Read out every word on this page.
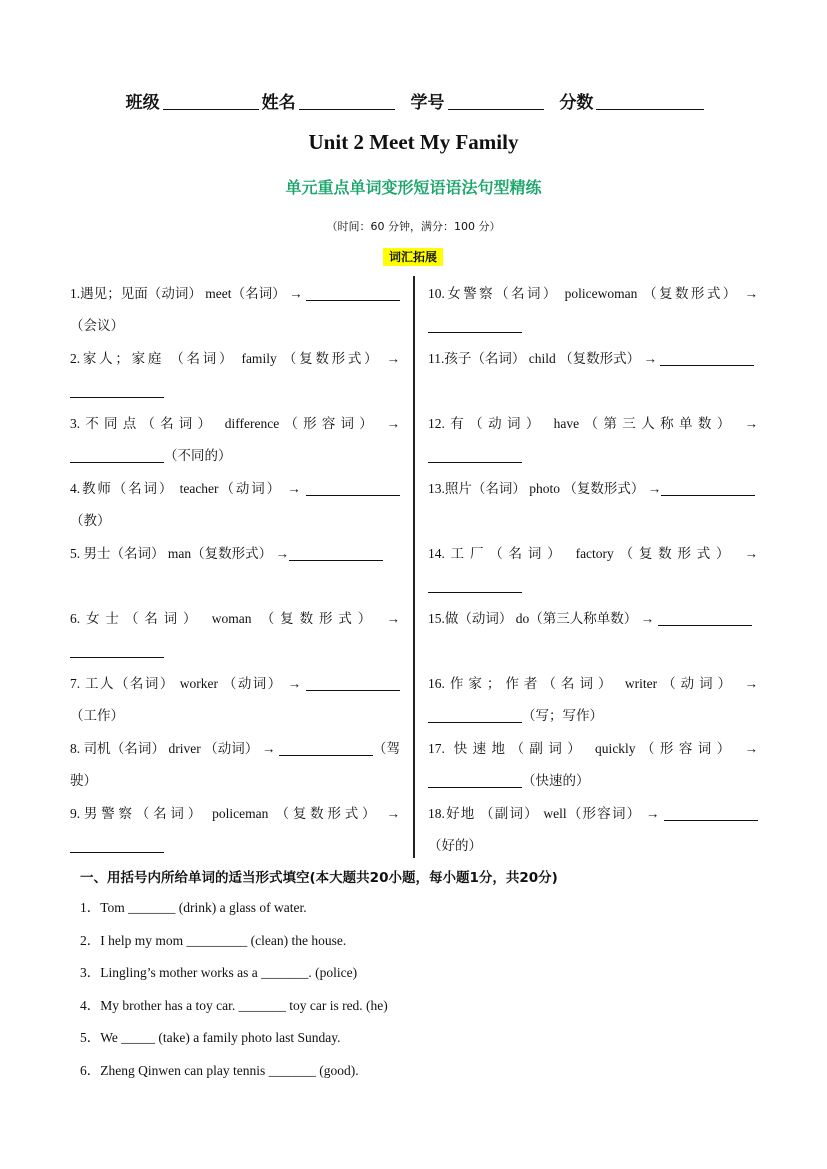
班级	姓名	学号	分数
Unit 2 Meet My Family
单元重点单词变形短语语法句型精练
（时间：60 分钟，满分：100 分）
词汇拓展
1.遇见；见面（动词） meet（名词） →  （会议）
2.家人；家庭 （名词） family （复数形式） →
3.不同点（名词） difference（形容词） → （不同的）
4.教师（名词） teacher（动词） → （教）
5. 男士（名词） man（复数形式） →
6.女士（名词） woman （复数形式） →
7. 工人（名词） worker （动词） → （工作）
8. 司机（名词） driver （动词） →	（驾驶）
9.男警察（名词） policeman （复数形式） →
10.女警察（名词） policewoman （复数形式） →
11.孩子（名词） child （复数形式） →
12.有（动词） have（第三人称单数） →
13.照片（名词） photo （复数形式） →
14.工厂（名词） factory（复数形式） →
15.做（动词） do（第三人称单数） →
16.作家；作者（名词） writer（动词） → （写；写作）
17. 快速地（副词） quickly（形容词） → （快速的）
18.好地 （副词） well（形容词） → （好的）
一、用括号内所给单词的适当形式填空(本大题共20小题，每小题1分，共20分)
1．Tom _______ (drink) a glass of water.
2．I help my mom _________ (clean) the house.
3．Lingling’s mother works as a _______. (police)
4．My brother has a toy car. _______ toy car is red. (he)
5．We _____ (take) a family photo last Sunday.
6．Zheng Qinwen can play tennis _______ (good).
